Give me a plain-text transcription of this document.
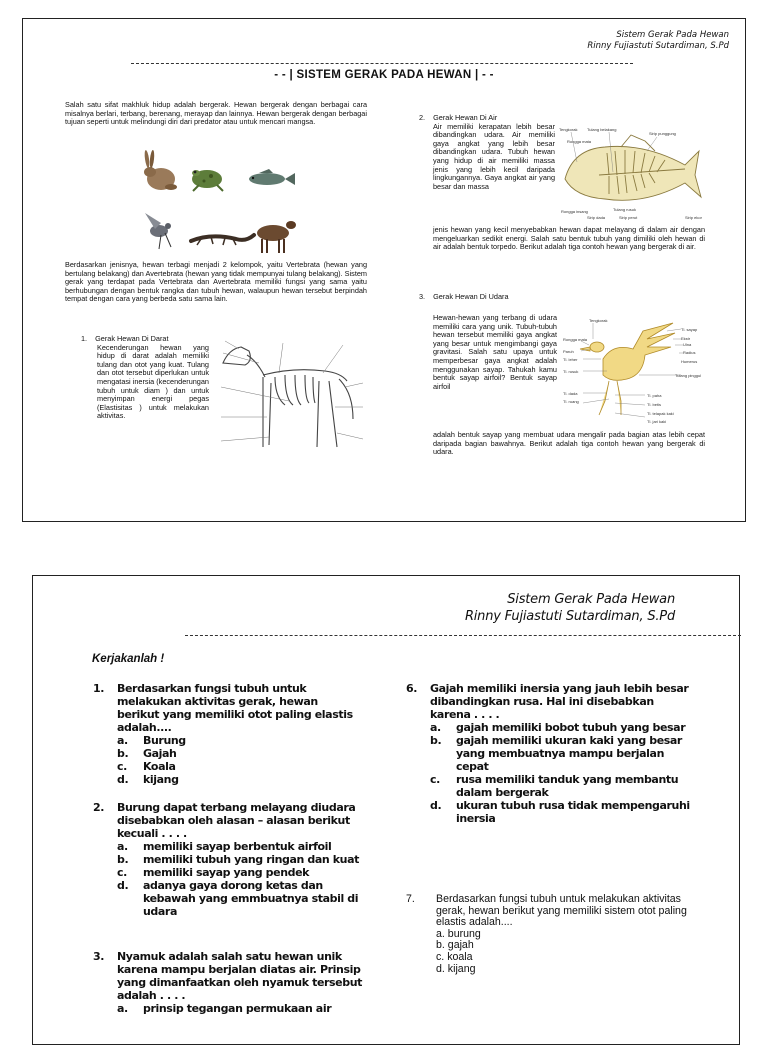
Sistem Gerak Pada Hewan
Rinny Fujiastuti Sutardiman, S.Pd
- - | SISTEM GERAK PADA HEWAN | - -

Salah satu sifat makhluk hidup adalah bergerak. Hewan bergerak dengan berbagai cara misalnya berlari, terbang, berenang, merayap dan lainnya. Hewan bergerak dengan berbagai tujuan seperti untuk melindungi diri dari predator atau untuk mencari mangsa.

Berdasarkan jenisnya, hewan terbagi menjadi 2 kelompok, yaitu Vertebrata (hewan yang bertulang belakang) dan Avertebrata (hewan yang tidak mempunyai tulang belakang). Sistem gerak yang terdapat pada Vertebrata dan Avertebrata memiliki fungsi yang sama yaitu berhubungan dengan bentuk rangka dan tubuh hewan, walaupun hewan tersebut berpindah tempat dengan cara yang berbeda satu sama lain.

1. Gerak Hewan Di Darat
Kecenderungan hewan yang hidup di darat adalah memiliki tulang dan otot yang kuat. Tulang dan otot tersebut diperlukan untuk mengatasi inersia (kecenderungan tubuh untuk diam ) dan untuk menyimpan energi pegas (Elastisitas ) untuk melakukan aktivitas.
2. Gerak Hewan Di Air
Air memiliki kerapatan lebih besar dibandingkan udara. Air memiliki gaya angkat yang lebih besar dibandingkan udara. Tubuh hewan yang hidup di air memiliki massa jenis yang lebih kecil daripada lingkungannya. Gaya angkat air yang besar dan massa
jenis hewan yang kecil menyebabkan hewan dapat melayang di dalam air dengan mengeluarkan sedikit energi. Salah satu bentuk tubuh yang dimiliki oleh hewan di air adalah bentuk torpedo. Berikut adalah tiga contoh hewan yang bergerak di air.
Tengkorak Tulang belakang
Sirip punggung
Rongga mata
Rongga insang	Tulang rusuk
Sirip dada	Sirip perut	Sirip ekor
3. Gerak Hewan Di Udara
Hewan-hewan yang terbang di udara memiliki cara yang unik. Tubuh-tubuh hewan tersebut memiliki gaya angkat yang besar untuk mengimbangi gaya gravitasi. Salah satu upaya untuk memperbesar gaya angkat adalah menggunakan sayap. Tahukah kamu bentuk sayap airfoil? Bentuk sayap airfoil
adalah bentuk sayap yang membuat udara mengalir pada bagian atas lebih cepat daripada bagian bawahnya. Berikut adalah tiga contoh hewan yang bergerak di udara.
Tengkorak
Rongga mata
Paruh
Tl. leher
Tl. rusuk
Tl. dada
Tl. ruang
Tl. sayap
Ekstr
Ulna
Radius
Humerus
Tulang pinggul
Tl. paha
Tl. betis
Tl. telapak kaki
Tl. jari kaki
Sistem Gerak Pada Hewan
Rinny Fujiastuti Sutardiman, S.Pd
Kerjakanlah !
1. Berdasarkan fungsi tubuh untuk melakukan aktivitas gerak, hewan berikut yang memiliki otot paling elastis adalah....
a.	Burung
b.	Gajah
c.	Koala
d.	kijang
2. Burung dapat terbang melayang diudara disebabkan oleh alasan – alasan berikut kecuali . . . .
a.	memiliki sayap berbentuk airfoil
b.	memiliki tubuh yang ringan dan kuat
c.	memiliki sayap yang pendek
d.	adanya gaya dorong ketas dan kebawah yang emmbuatnya stabil di udara
3. Nyamuk adalah salah satu hewan unik karena mampu berjalan diatas air. Prinsip yang dimanfaatkan oleh nyamuk tersebut adalah . . . .
a.	prinsip tegangan permukaan air
6. Gajah memiliki inersia yang jauh lebih besar dibandingkan rusa. Hal ini disebabkan karena . . . .
a.	gajah memiliki bobot tubuh yang besar
b.	gajah memiliki ukuran kaki yang besar yang membuatnya mampu berjalan cepat
c.	rusa memiliki tanduk yang membantu dalam bergerak
d.	ukuran tubuh rusa tidak mempengaruhi inersia
7. Berdasarkan fungsi tubuh untuk melakukan aktivitas gerak, hewan berikut yang memiliki sistem otot paling elastis adalah....
a.
burung
b.
gajah
c.
koala
d.
kijang
